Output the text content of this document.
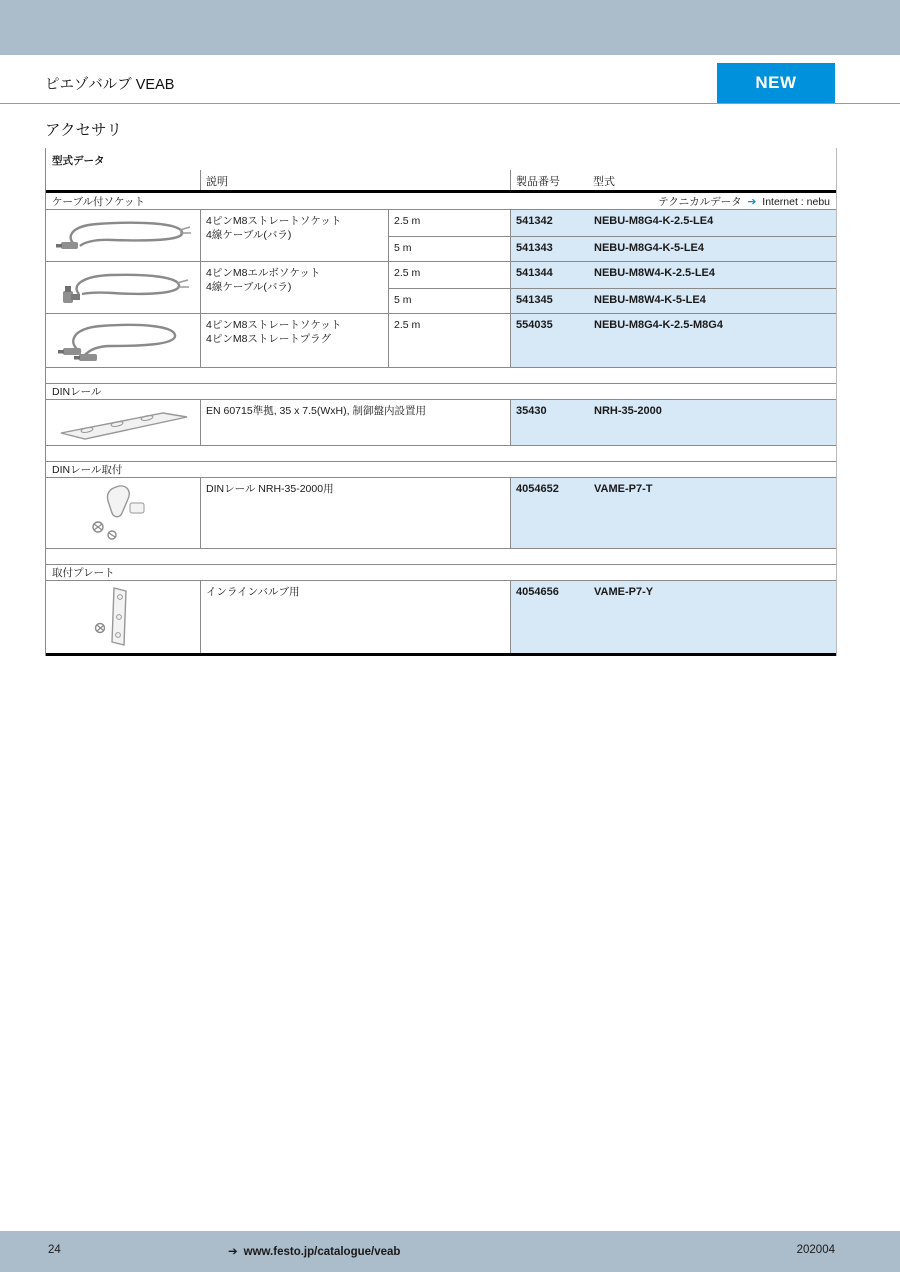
ピエゾバルブ VEAB	NEW
アクセサリ
型式データ
説明	製品番号	型式
ケーブル付ソケット	テクニカルデータ ➔ Internet : nebu
4ピンM8ストレートソケット
4線ケーブル(バラ)
2.5 m	541342	NEBU-M8G4-K-2.5-LE4
5 m	541343	NEBU-M8G4-K-5-LE4
4ピンM8エルボソケット
4線ケーブル(バラ)
2.5 m	541344	NEBU-M8W4-K-2.5-LE4
5 m	541345	NEBU-M8W4-K-5-LE4
4ピンM8ストレートソケット
4ピンM8ストレートプラグ
2.5 m	554035	NEBU-M8G4-K-2.5-M8G4
DINレール
EN 60715準拠, 35 x 7.5(WxH), 制御盤内設置用	35430	NRH-35-2000
DINレール取付
DINレール NRH-35-2000用	4054652	VAME-P7-T
取付プレート
インラインバルブ用	4054656	VAME-P7-Y
24	➔ www.festo.jp/catalogue/veab	202004
